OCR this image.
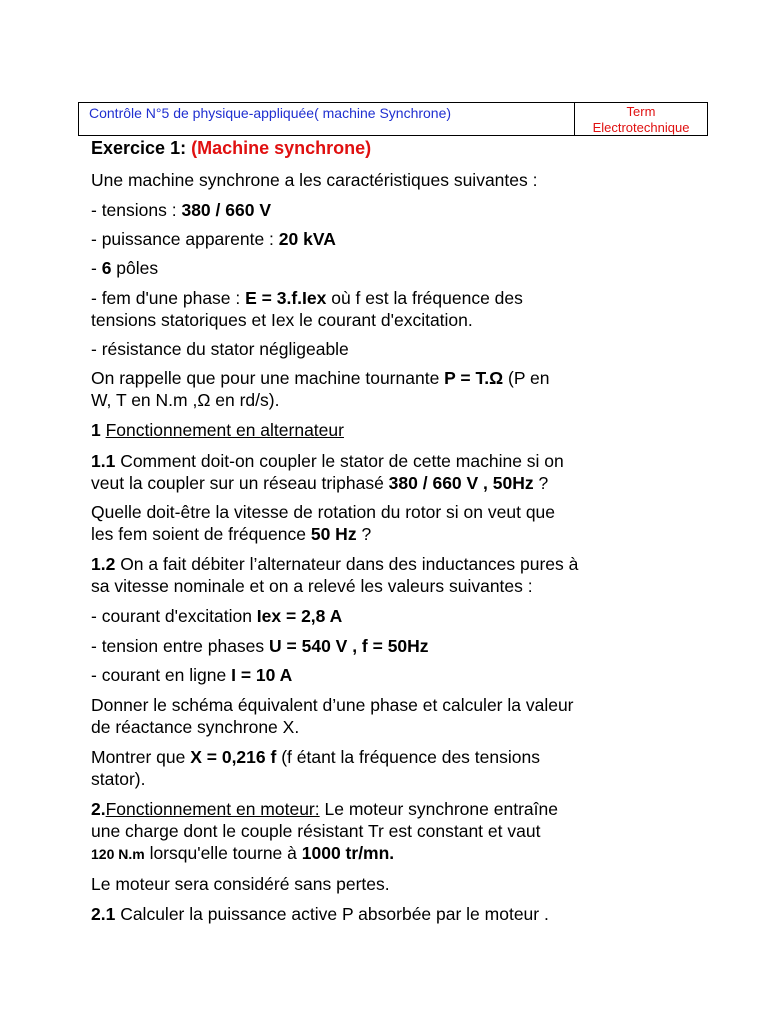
Contrôle N°5 de physique-appliquée( machine Synchrone)	Term
Electrotechnique
Exercice 1: (Machine synchrone)

Une machine synchrone a les caractéristiques suivantes :

- tensions : 380 / 660 V

- puissance apparente : 20 kVA

- 6 pôles

- fem d'une phase : E = 3.f.Iex où f est la fréquence des
tensions statoriques et Iex le courant d'excitation.

- résistance du stator négligeable

On rappelle que pour une machine tournante P = T.Ω (P en
W, T en N.m ,Ω en rd/s).

1 Fonctionnement en alternateur

1.1 Comment doit-on coupler le stator de cette machine si on
veut la coupler sur un réseau triphasé 380 / 660 V , 50Hz ?
Quelle doit-être la vitesse de rotation du rotor si on veut que
les fem soient de fréquence 50 Hz ?
1.2 On a fait débiter l’alternateur dans des inductances pures à
sa vitesse nominale et on a relevé les valeurs suivantes :

- courant d'excitation Iex = 2,8 A

- tension entre phases U = 540 V , f = 50Hz

- courant en ligne I = 10 A

Donner le schéma équivalent d’une phase et calculer la valeur
de réactance synchrone X.
Montrer que X = 0,216 f (f étant la fréquence des tensions
stator).
2.Fonctionnement en moteur: Le moteur synchrone entraîne
une charge dont le couple résistant Tr est constant et vaut
120 N.m lorsqu'elle tourne à 1000 tr/mn.

Le moteur sera considéré sans pertes.

2.1 Calculer la puissance active P absorbée par le moteur .
